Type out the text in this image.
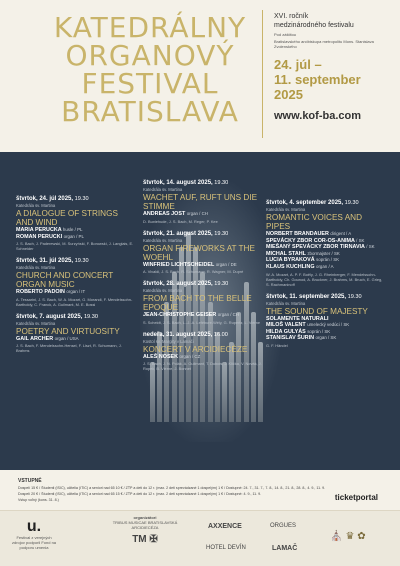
KATEDRÁLNY
ORGANOVÝ
FESTIVAL
BRATISLAVA
XVI. ročník
medzinárodného festivalu
Pod záštitou
Bratislavského arcibiskupa metropolitu Mons. Stanislava Zvolenského
24. júl –
11. september
2025
www.kof-ba.com
štvrtok, 24. júl 2025, 19.30
Katedrála sv. Martina
A DIALOGUE OF STRINGS AND WIND
MARIA PERUCKA husle / PL
ROMAN PERUCKI organ / PL
J. S. Bach, J. Paderewski, M. Surzyński, F. Borowski, J. Langlais, E. Schneider
štvrtok, 31. júl 2025, 19.30
Katedrála sv. Martina
CHURCH AND CONCERT ORGAN MUSIC
ROBERTO PADOIN organ / IT
A. Tessarini, J. S. Bach, W. A. Mozart, G. Morandi, F. Mendelssohn-Bartholdy, C. Franck, A. Guilmant, M. E. Bossi
štvrtok, 7. august 2025, 19.30
Katedrála sv. Martina
POETRY AND VIRTUOSITY
GAIL ARCHER organ / USA
J. S. Bach, F. Mendelssohn-Hensel, F. Liszt, R. Schumann, J. Brahms
štvrtok, 14. august 2025, 19.30
Katedrála sv. Martina
WACHET AUF, RUFT UNS DIE STIMME
ANDREAS JOST organ / CH
D. Buxtehude, J. S. Bach, M. Reger, P. Kee
štvrtok, 21. august 2025, 19.30
Katedrála sv. Martina
ORGAN FIREWORKS AT THE WOEHL
WINFRIED LICHTSCHEIDEL organ / DE
A. Vivaldi, J. S. Bach, R. Schumann, R. Wagner, M. Dupré
štvrtok, 28. august 2025, 19.30
Katedrála sv. Martina
FROM BACH TO THE BELLE EPOQUE
JEAN-CHRISTOPHE GEISER organ / CH
S. Scheidt, J. S. Bach, L.-J.-A. Lefébure-Wély, G. Rupertz, L. Vierne
nedeľa, 31. august 2025, 16.00
Kostol sv. Margity v Lamači
KONCERT V ARCIDIECÉZE
ALEŠ NOSEK organ / CZ
J. S. Bach, J. N. Polák, A. Guilmant, T. Dubois, J. Klička, V. Novák, J. Ropek, B. Vierne, J. Bonnet
štvrtok, 4. september 2025, 19.30
Katedrála sv. Martina
ROMANTIC VOICES AND PIPES
NORBERT BRANDAUER dirigent / A
SPEVÁCKY ZBOR COR-OS-ANIMA / SK
MIEŠANÝ SPEVÁCKY ZBOR TIRNAVIA / SK
MICHAL STAHL zbormajster / SK
LUCIA BYRAKOVÁ soprán / SK
KLAUS KUCHLING organ / A
W. A. Mozart, A. P. F. Boëly, J. G. Rheinberger, F. Mendelssohn-Bartholdy, Ch. Gounod, A. Bruckner, J. Brahms, M. Bruch, E. Grieg, S. Rachmaninoff
štvrtok, 11. september 2025, 19.30
Katedrála sv. Martina
THE SOUND OF MAJESTY
SOLAMENTE NATURALI
MILOŠ VALENT umelecký vedúci / SK
HILDA GULYÁS soprán / SK
STANISLAV ŠURIN organ / SK
G. F. Händel
VSTUPNÉ
Dospelí 15 € / Študenti (ISIC), učitelia (ITIC) a seniori nad 65 10 € / ZŤP a deti do 12 r. (max. 2 deti sprevádzané 1 dospelým) 1 € / Dostupné: 24. 7., 31. 7., 7. 8., 14. 8., 21. 8., 28. 8., 4. 9., 11. 9.
Dospelí 20 € / Študenti (ISIC), učitelia (ITIC) a seniori nad 65 15 € / ZŤP a deti do 12 r. (max. 2 deti sprevádzané 1 dospelým) 1 € / Dostupné: 4. 9., 11. 9.
Vstup voľný (kons. 31. 8.)	ticketportal
u.
Festival z verejných zdrojov podporil Fond na podporu umenia
organizátori
TRIBUS MUSICAE BRATISLAVSKÁ ARCIDIECÉZA
TM ✠
AXXENCE	ORGUES
HOTEL DEVÍN	LAMAČ
⛪ ♛ ✿
